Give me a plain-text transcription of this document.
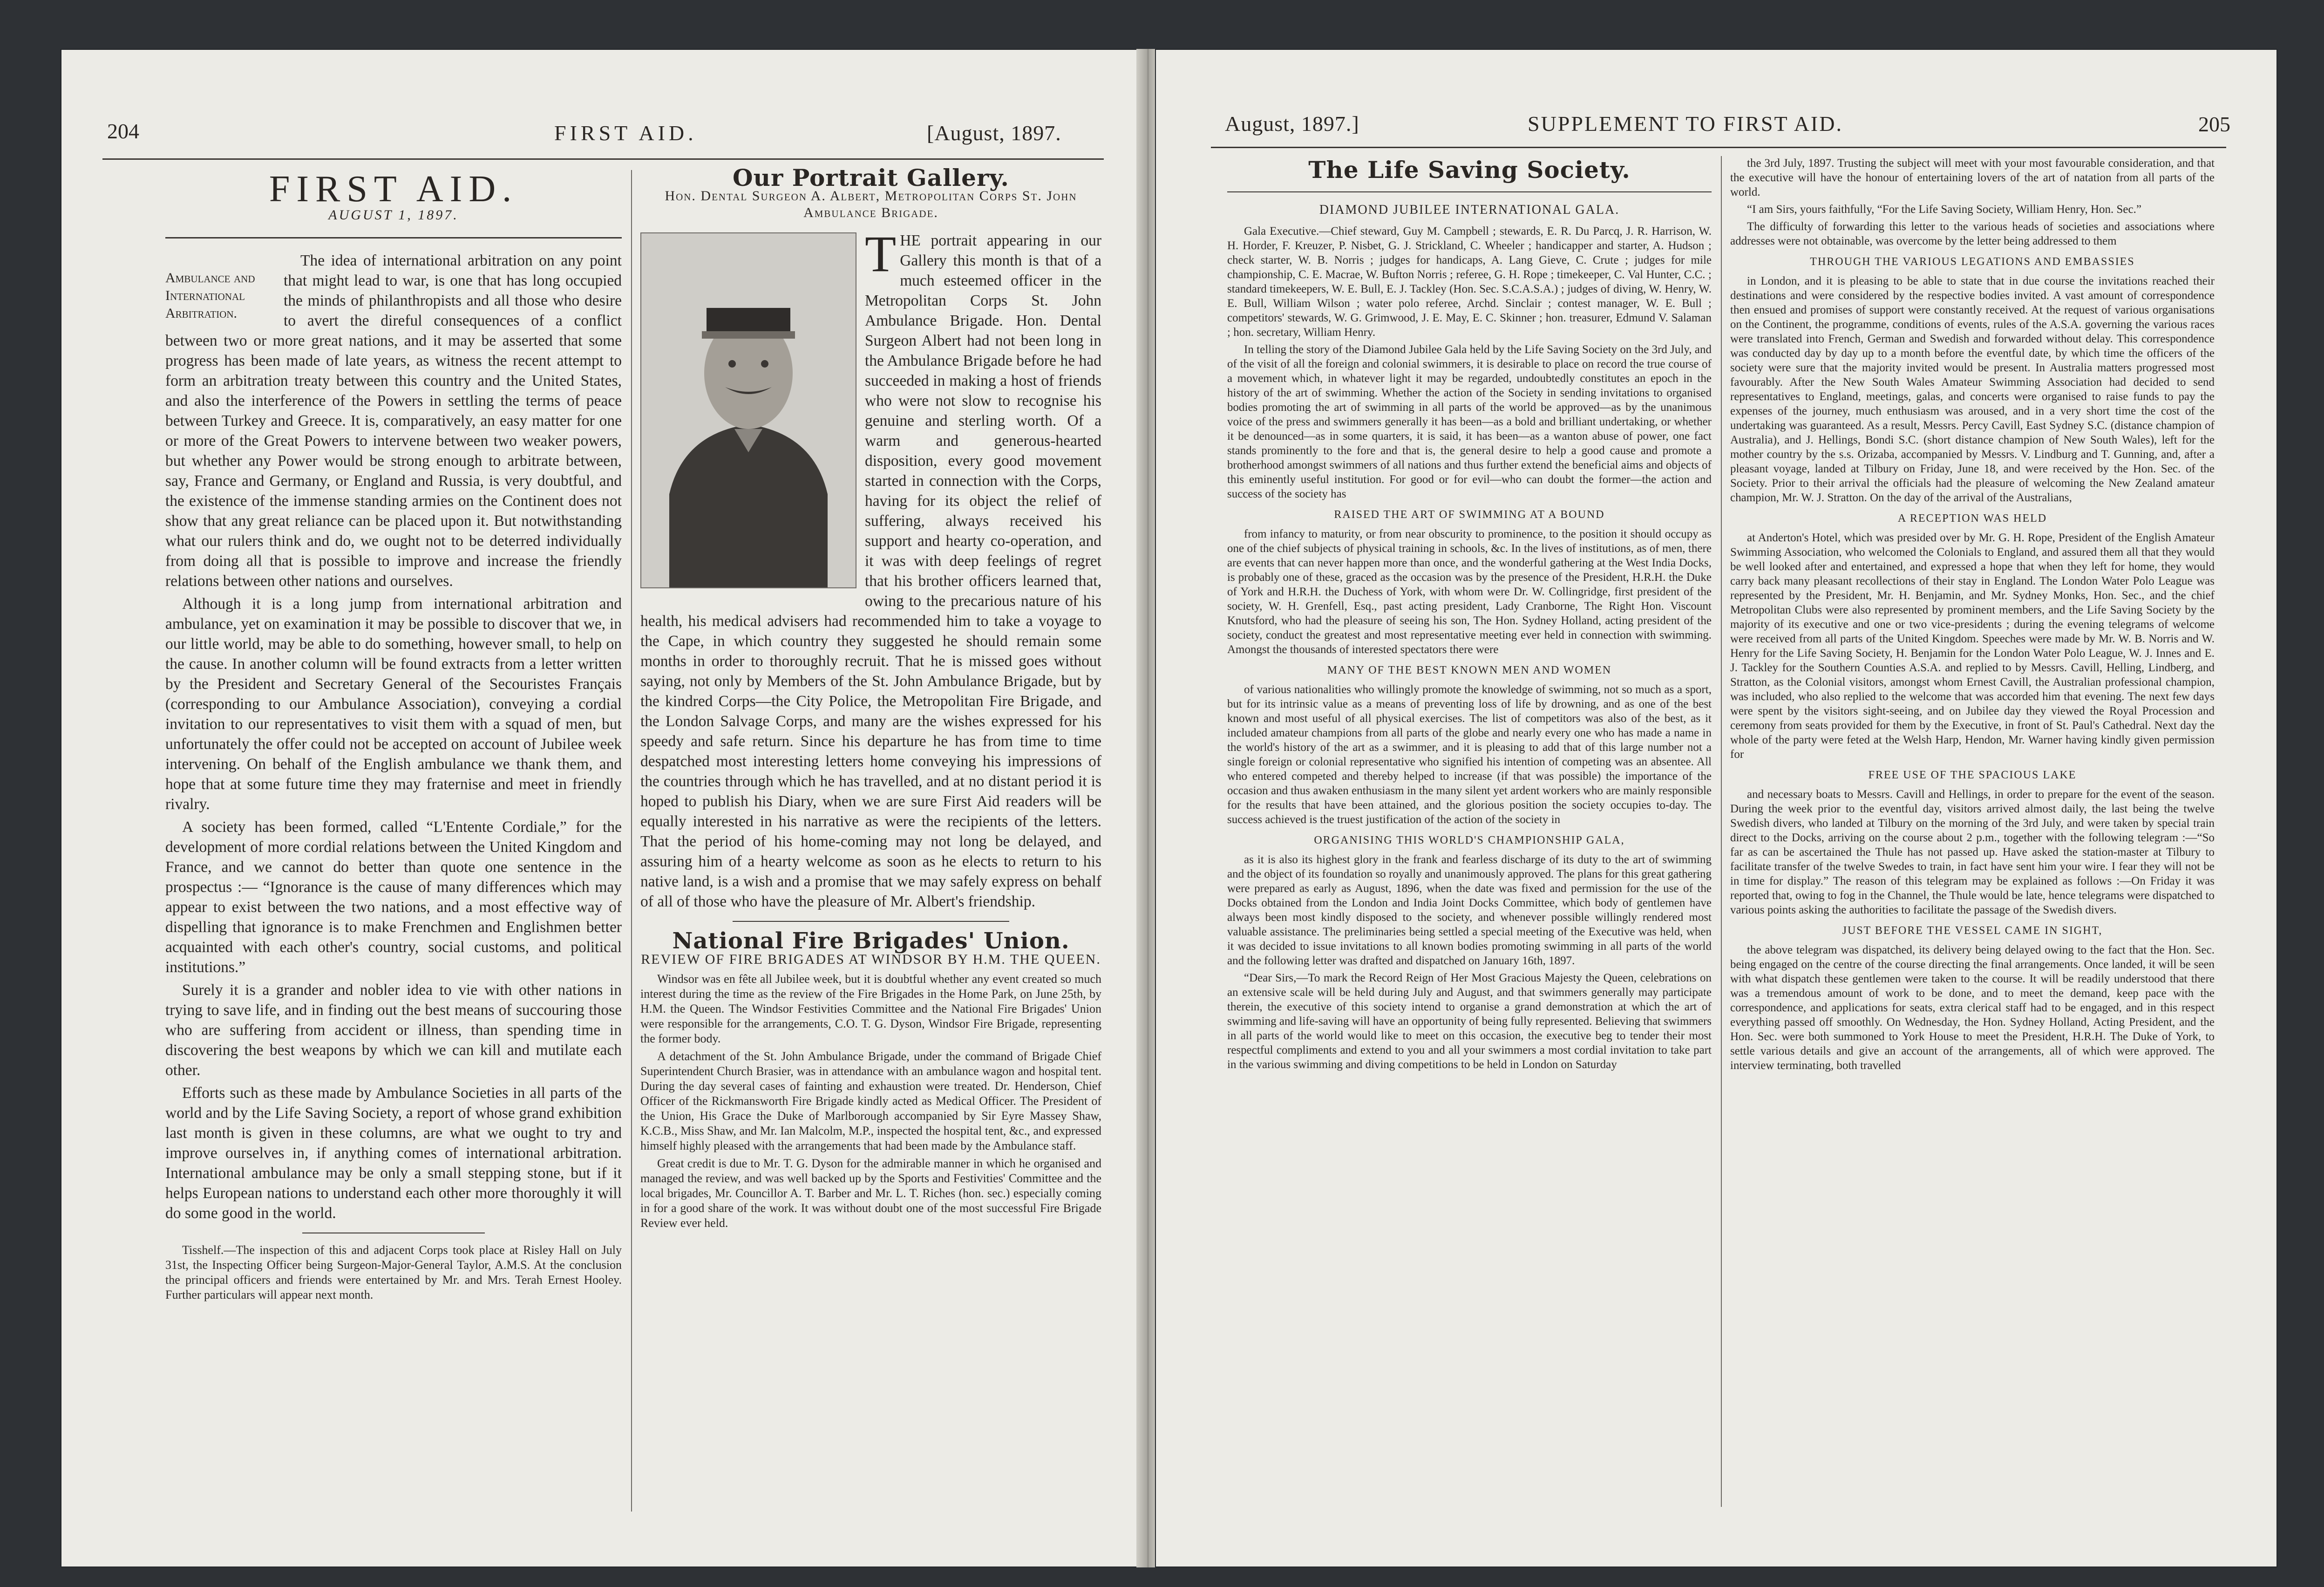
204	FIRST AID.	[August, 1897.
FIRST AID.
AUGUST 1, 1897.
Ambulance and International Arbitration.

The idea of international arbitration on any point that might lead to war, is one that has long occupied the minds of philanthropists and all those who desire to avert the direful consequences of a conflict between two or more great nations, and it may be asserted that some progress has been made of late years, as witness the recent attempt to form an arbitration treaty between this country and the United States, and also the interference of the Powers in settling the terms of peace between Turkey and Greece. It is, comparatively, an easy matter for one or more of the Great Powers to intervene between two weaker powers, but whether any Power would be strong enough to arbitrate between, say, France and Germany, or England and Russia, is very doubtful, and the existence of the immense standing armies on the Continent does not show that any great reliance can be placed upon it. But notwithstanding what our rulers think and do, we ought not to be deterred individually from doing all that is possible to improve and increase the friendly relations between other nations and ourselves.

Although it is a long jump from international arbitration and ambulance, yet on examination it may be possible to discover that we, in our little world, may be able to do something, however small, to help on the cause. In another column will be found extracts from a letter written by the President and Secretary General of the Secouristes Français (corresponding to our Ambulance Association), conveying a cordial invitation to our representatives to visit them with a squad of men, but unfortunately the offer could not be accepted on account of Jubilee week intervening. On behalf of the English ambulance we thank them, and hope that at some future time they may fraternise and meet in friendly rivalry.

A society has been formed, called “L'Entente Cordiale,” for the development of more cordial relations between the United Kingdom and France, and we cannot do better than quote one sentence in the prospectus :— “Ignorance is the cause of many differences which may appear to exist between the two nations, and a most effective way of dispelling that ignorance is to make Frenchmen and Englishmen better acquainted with each other's country, social customs, and political institutions.”

Surely it is a grander and nobler idea to vie with other nations in trying to save life, and in finding out the best means of succouring those who are suffering from accident or illness, than spending time in discovering the best weapons by which we can kill and mutilate each other.

Efforts such as these made by Ambulance Societies in all parts of the world and by the Life Saving Society, a report of whose grand exhibition last month is given in these columns, are what we ought to try and improve ourselves in, if anything comes of international arbitration. International ambulance may be only a small stepping stone, but if it helps European nations to understand each other more thoroughly it will do some good in the world.

Tisshelf.—The inspection of this and adjacent Corps took place at Risley Hall on July 31st, the Inspecting Officer being Surgeon-Major-General Taylor, A.M.S. At the conclusion the principal officers and friends were entertained by Mr. and Mrs. Terah Ernest Hooley. Further particulars will appear next month.

Our Portrait Gallery.
Hon. Dental Surgeon A. Albert, Metropolitan Corps St. John Ambulance Brigade.
T HE portrait appearing in our Gallery this month is that of a much esteemed officer in the Metropolitan Corps St. John Ambulance Brigade. Hon. Dental Surgeon Albert had not been long in the Ambulance Brigade before he had succeeded in making a host of friends who were not slow to recognise his genuine and sterling worth. Of a warm and generous-hearted disposition, every good movement started in connection with the Corps, having for its object the relief of suffering, always received his support and hearty co-operation, and it was with deep feelings of regret that his brother officers learned that, owing to the precarious nature of his health, his medical advisers had recommended him to take a voyage to the Cape, in which country they suggested he should remain some months in order to thoroughly recruit. That he is missed goes without saying, not only by Members of the St. John Ambulance Brigade, but by the kindred Corps—the City Police, the Metropolitan Fire Brigade, and the London Salvage Corps, and many are the wishes expressed for his speedy and safe return. Since his departure he has from time to time despatched most interesting letters home conveying his impressions of the countries through which he has travelled, and at no distant period it is hoped to publish his Diary, when we are sure First Aid readers will be equally interested in his narrative as were the recipients of the letters. That the period of his home-coming may not long be delayed, and assuring him of a hearty welcome as soon as he elects to return to his native land, is a wish and a promise that we may safely express on behalf of all of those who have the pleasure of Mr. Albert's friendship.

National Fire Brigades' Union.
REVIEW OF FIRE BRIGADES AT WINDSOR BY H.M. THE QUEEN.

Windsor was en fête all Jubilee week, but it is doubtful whether any event created so much interest during the time as the review of the Fire Brigades in the Home Park, on June 25th, by H.M. the Queen. The Windsor Festivities Committee and the National Fire Brigades' Union were responsible for the arrangements, C.O. T. G. Dyson, Windsor Fire Brigade, representing the former body.

A detachment of the St. John Ambulance Brigade, under the command of Brigade Chief Superintendent Church Brasier, was in attendance with an ambulance wagon and hospital tent. During the day several cases of fainting and exhaustion were treated. Dr. Henderson, Chief Officer of the Rickmansworth Fire Brigade kindly acted as Medical Officer. The President of the Union, His Grace the Duke of Marlborough accompanied by Sir Eyre Massey Shaw, K.C.B., Miss Shaw, and Mr. Ian Malcolm, M.P., inspected the hospital tent, &c., and expressed himself highly pleased with the arrangements that had been made by the Ambulance staff.

Great credit is due to Mr. T. G. Dyson for the admirable manner in which he organised and managed the review, and was well backed up by the Sports and Festivities' Committee and the local brigades, Mr. Councillor A. T. Barber and Mr. L. T. Riches (hon. sec.) especially coming in for a good share of the work. It was without doubt one of the most successful Fire Brigade Review ever held.

August, 1897.]	SUPPLEMENT TO FIRST AID.	205
The Life Saving Society.
DIAMOND JUBILEE INTERNATIONAL GALA.

Gala Executive.—Chief steward, Guy M. Campbell ; stewards, E. R. Du Parcq, J. R. Harrison, W. H. Horder, F. Kreuzer, P. Nisbet, G. J. Strickland, C. Wheeler ; handicapper and starter, A. Hudson ; check starter, W. B. Norris ; judges for handicaps, A. Lang Gieve, C. Crute ; judges for mile championship, C. E. Macrae, W. Bufton Norris ; referee, G. H. Rope ; timekeeper, C. Val Hunter, C.C. ; standard timekeepers, W. E. Bull, E. J. Tackley (Hon. Sec. S.C.A.S.A.) ; judges of diving, W. Henry, W. E. Bull, William Wilson ; water polo referee, Archd. Sinclair ; contest manager, W. E. Bull ; competitors' stewards, W. G. Grimwood, J. E. May, E. C. Skinner ; hon. treasurer, Edmund V. Salaman ; hon. secretary, William Henry.

In telling the story of the Diamond Jubilee Gala held by the Life Saving Society on the 3rd July, and of the visit of all the foreign and colonial swimmers, it is desirable to place on record the true course of a movement which, in whatever light it may be regarded, undoubtedly constitutes an epoch in the history of the art of swimming. Whether the action of the Society in sending invitations to organised bodies promoting the art of swimming in all parts of the world be approved—as by the unanimous voice of the press and swimmers generally it has been—as a bold and brilliant undertaking, or whether it be denounced—as in some quarters, it is said, it has been—as a wanton abuse of power, one fact stands prominently to the fore and that is, the general desire to help a good cause and promote a brotherhood amongst swimmers of all nations and thus further extend the beneficial aims and objects of this eminently useful institution. For good or for evil—who can doubt the former—the action and success of the society has

RAISED THE ART OF SWIMMING AT A BOUND

from infancy to maturity, or from near obscurity to prominence, to the position it should occupy as one of the chief subjects of physical training in schools, &c. In the lives of institutions, as of men, there are events that can never happen more than once, and the wonderful gathering at the West India Docks, is probably one of these, graced as the occasion was by the presence of the President, H.R.H. the Duke of York and H.R.H. the Duchess of York, with whom were Dr. W. Collingridge, first president of the society, W. H. Grenfell, Esq., past acting president, Lady Cranborne, The Right Hon. Viscount Knutsford, who had the pleasure of seeing his son, The Hon. Sydney Holland, acting president of the society, conduct the greatest and most representative meeting ever held in connection with swimming. Amongst the thousands of interested spectators there were

MANY OF THE BEST KNOWN MEN AND WOMEN

of various nationalities who willingly promote the knowledge of swimming, not so much as a sport, but for its intrinsic value as a means of preventing loss of life by drowning, and as one of the best known and most useful of all physical exercises. The list of competitors was also of the best, as it included amateur champions from all parts of the globe and nearly every one who has made a name in the world's history of the art as a swimmer, and it is pleasing to add that of this large number not a single foreign or colonial representative who signified his intention of competing was an absentee. All who entered competed and thereby helped to increase (if that was possible) the importance of the occasion and thus awaken enthusiasm in the many silent yet ardent workers who are mainly responsible for the results that have been attained, and the glorious position the society occupies to-day. The success achieved is the truest justification of the action of the society in

ORGANISING THIS WORLD'S CHAMPIONSHIP GALA,

as it is also its highest glory in the frank and fearless discharge of its duty to the art of swimming and the object of its foundation so royally and unanimously approved. The plans for this great gathering were prepared as early as August, 1896, when the date was fixed and permission for the use of the Docks obtained from the London and India Joint Docks Committee, which body of gentlemen have always been most kindly disposed to the society, and whenever possible willingly rendered most valuable assistance. The preliminaries being settled a special meeting of the Executive was held, when it was decided to issue invitations to all known bodies promoting swimming in all parts of the world and the following letter was drafted and dispatched on January 16th, 1897.

“Dear Sirs,—To mark the Record Reign of Her Most Gracious Majesty the Queen, celebrations on an extensive scale will be held during July and August, and that swimmers generally may participate therein, the executive of this society intend to organise a grand demonstration at which the art of swimming and life-saving will have an opportunity of being fully represented. Believing that swimmers in all parts of the world would like to meet on this occasion, the executive beg to tender their most respectful compliments and extend to you and all your swimmers a most cordial invitation to take part in the various swimming and diving competitions to be held in London on Saturday

the 3rd July, 1897. Trusting the subject will meet with your most favourable consideration, and that the executive will have the honour of entertaining lovers of the art of natation from all parts of the world.

“I am Sirs, yours faithfully, “For the Life Saving Society, William Henry, Hon. Sec.”

The difficulty of forwarding this letter to the various heads of societies and associations where addresses were not obtainable, was overcome by the letter being addressed to them

THROUGH THE VARIOUS LEGATIONS AND EMBASSIES

in London, and it is pleasing to be able to state that in due course the invitations reached their destinations and were considered by the respective bodies invited. A vast amount of correspondence then ensued and promises of support were constantly received. At the request of various organisations on the Continent, the programme, conditions of events, rules of the A.S.A. governing the various races were translated into French, German and Swedish and forwarded without delay. This correspondence was conducted day by day up to a month before the eventful date, by which time the officers of the society were sure that the majority invited would be present. In Australia matters progressed most favourably. After the New South Wales Amateur Swimming Association had decided to send representatives to England, meetings, galas, and concerts were organised to raise funds to pay the expenses of the journey, much enthusiasm was aroused, and in a very short time the cost of the undertaking was guaranteed. As a result, Messrs. Percy Cavill, East Sydney S.C. (distance champion of Australia), and J. Hellings, Bondi S.C. (short distance champion of New South Wales), left for the mother country by the s.s. Orizaba, accompanied by Messrs. V. Lindburg and T. Gunning, and, after a pleasant voyage, landed at Tilbury on Friday, June 18, and were received by the Hon. Sec. of the Society. Prior to their arrival the officials had the pleasure of welcoming the New Zealand amateur champion, Mr. W. J. Stratton. On the day of the arrival of the Australians,

A RECEPTION WAS HELD

at Anderton's Hotel, which was presided over by Mr. G. H. Rope, President of the English Amateur Swimming Association, who welcomed the Colonials to England, and assured them all that they would be well looked after and entertained, and expressed a hope that when they left for home, they would carry back many pleasant recollections of their stay in England. The London Water Polo League was represented by the President, Mr. H. Benjamin, and Mr. Sydney Monks, Hon. Sec., and the chief Metropolitan Clubs were also represented by prominent members, and the Life Saving Society by the majority of its executive and one or two vice-presidents ; during the evening telegrams of welcome were received from all parts of the United Kingdom. Speeches were made by Mr. W. B. Norris and W. Henry for the Life Saving Society, H. Benjamin for the London Water Polo League, W. J. Innes and E. J. Tackley for the Southern Counties A.S.A. and replied to by Messrs. Cavill, Helling, Lindberg, and Stratton, as the Colonial visitors, amongst whom Ernest Cavill, the Australian professional champion, was included, who also replied to the welcome that was accorded him that evening. The next few days were spent by the visitors sight-seeing, and on Jubilee day they viewed the Royal Procession and ceremony from seats provided for them by the Executive, in front of St. Paul's Cathedral. Next day the whole of the party were feted at the Welsh Harp, Hendon, Mr. Warner having kindly given permission for

FREE USE OF THE SPACIOUS LAKE

and necessary boats to Messrs. Cavill and Hellings, in order to prepare for the event of the season. During the week prior to the eventful day, visitors arrived almost daily, the last being the twelve Swedish divers, who landed at Tilbury on the morning of the 3rd July, and were taken by special train direct to the Docks, arriving on the course about 2 p.m., together with the following telegram :—“So far as can be ascertained the Thule has not passed up. Have asked the station-master at Tilbury to facilitate transfer of the twelve Swedes to train, in fact have sent him your wire. I fear they will not be in time for display.” The reason of this telegram may be explained as follows :—On Friday it was reported that, owing to fog in the Channel, the Thule would be late, hence telegrams were dispatched to various points asking the authorities to facilitate the passage of the Swedish divers.

JUST BEFORE THE VESSEL CAME IN SIGHT,

the above telegram was dispatched, its delivery being delayed owing to the fact that the Hon. Sec. being engaged on the centre of the course directing the final arrangements. Once landed, it will be seen with what dispatch these gentlemen were taken to the course. It will be readily understood that there was a tremendous amount of work to be done, and to meet the demand, keep pace with the correspondence, and applications for seats, extra clerical staff had to be engaged, and in this respect everything passed off smoothly. On Wednesday, the Hon. Sydney Holland, Acting President, and the Hon. Sec. were both summoned to York House to meet the President, H.R.H. The Duke of York, to settle various details and give an account of the arrangements, all of which were approved. The interview terminating, both travelled
